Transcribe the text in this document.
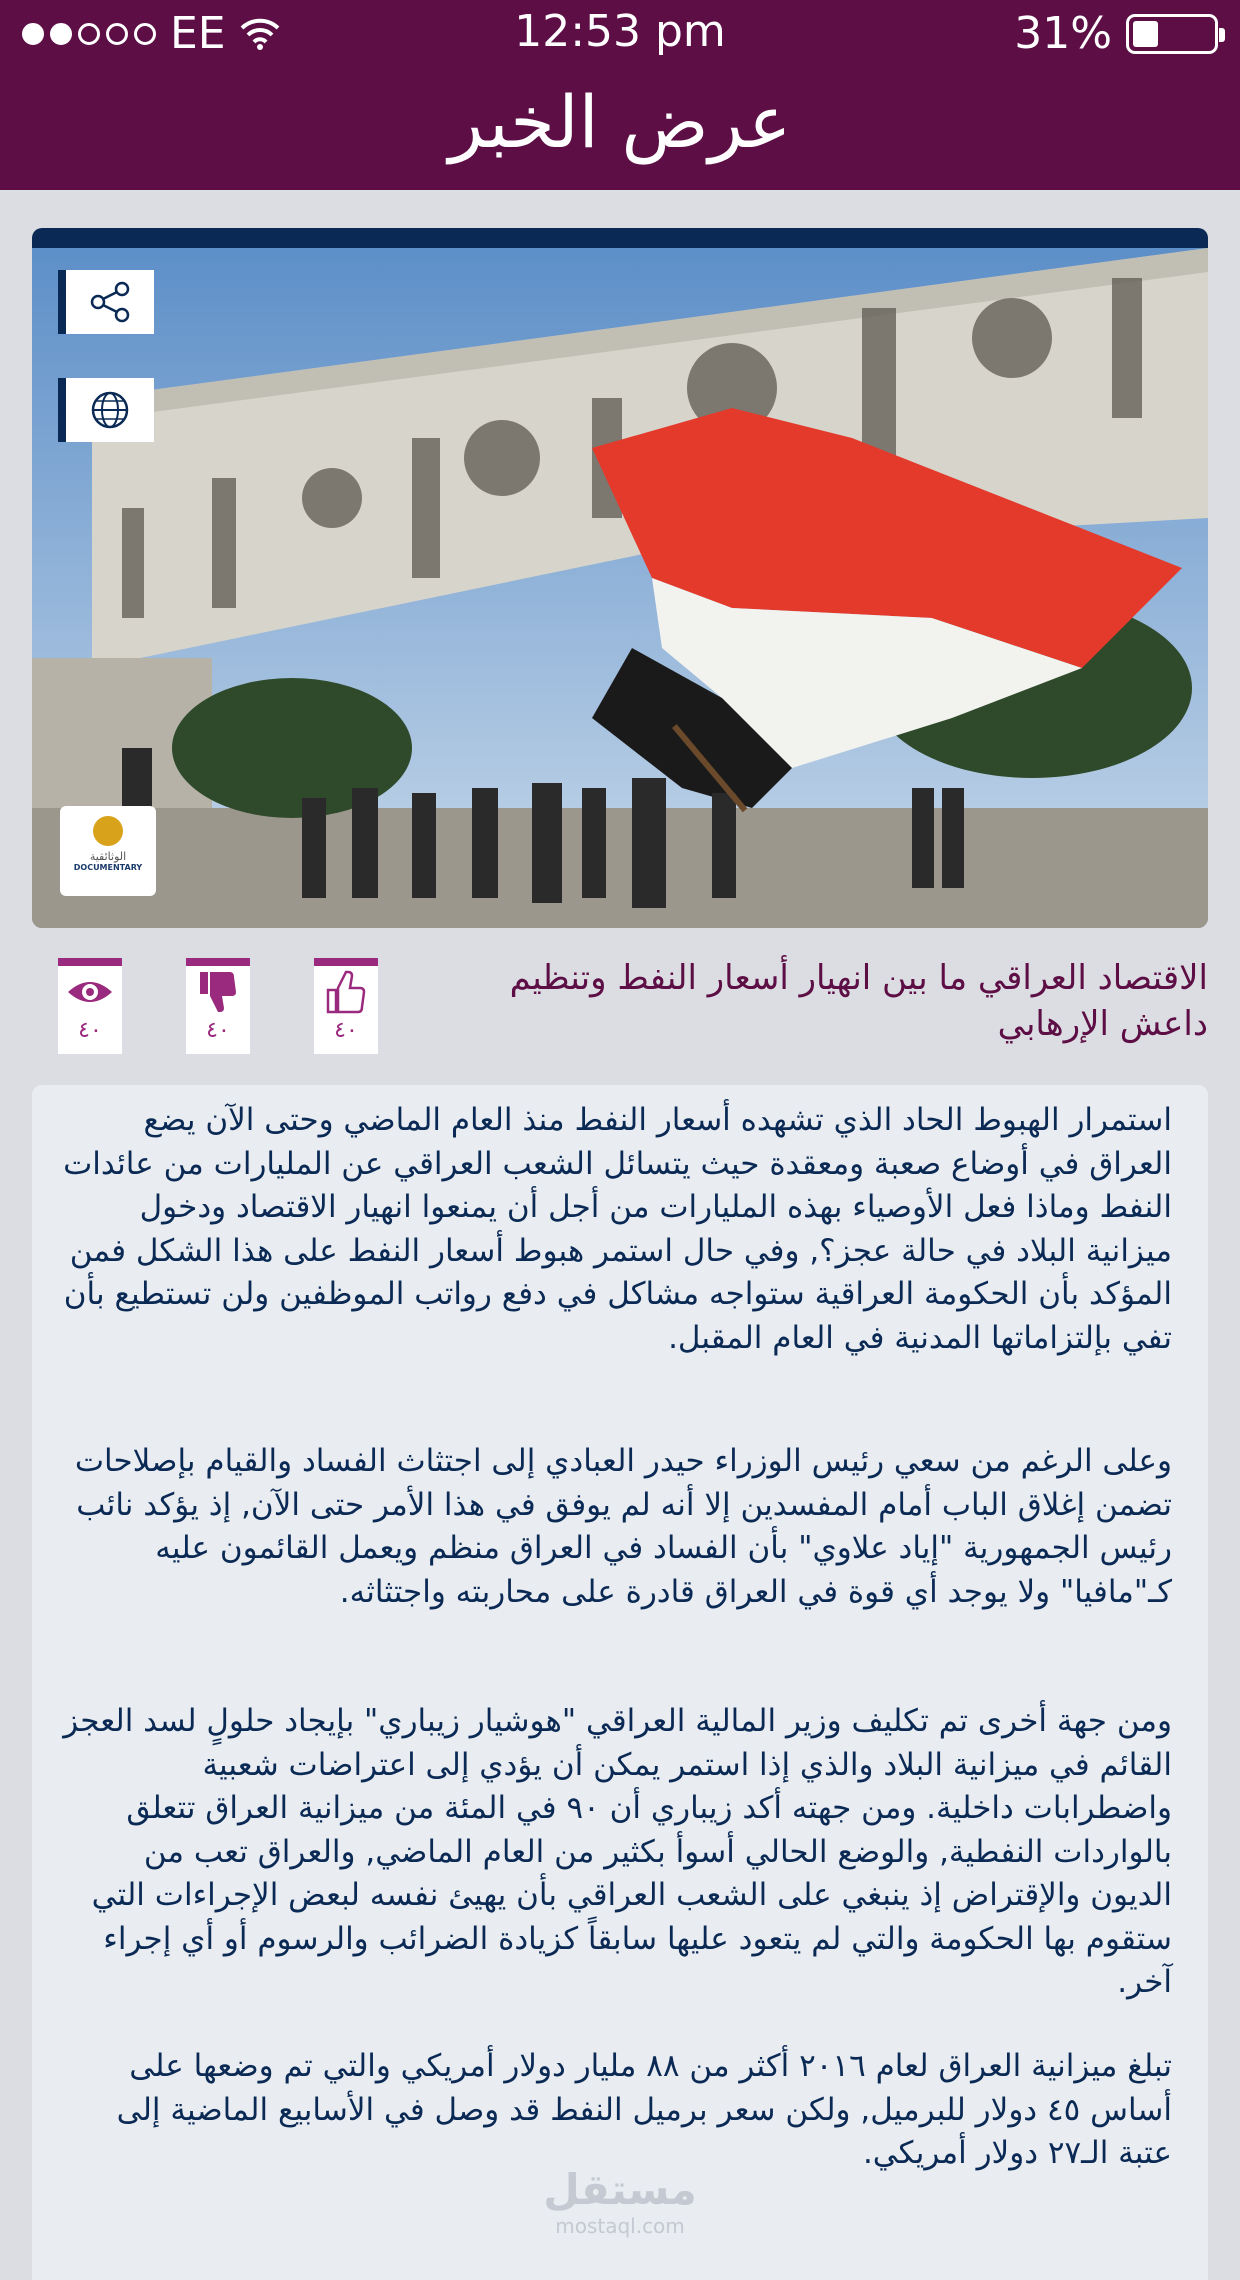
EE	12:53 pm	31%
عرض الخبر
الوثائقية
DOCUMENTARY
٤٠	٤٠	٤٠
الاقتصاد العراقي ما بين انهيار أسعار النفط وتنظيم داعش الإرهابي
استمرار الهبوط الحاد الذي تشهده أسعار النفط منذ العام الماضي وحتى الآن يضع العراق في أوضاع صعبة ومعقدة حيث يتسائل الشعب العراقي عن المليارات من عائدات النفط وماذا فعل الأوصياء بهذه المليارات من أجل أن يمنعوا انهيار الاقتصاد ودخول ميزانية البلاد في حالة عجز؟, وفي حال استمر هبوط أسعار النفط على هذا الشكل فمن المؤكد بأن الحكومة العراقية ستواجه مشاكل في دفع رواتب الموظفين ولن تستطيع بأن تفي بإلتزاماتها المدنية في العام المقبل.
وعلى الرغم من سعي رئيس الوزراء حيدر العبادي إلى اجتثاث الفساد والقيام بإصلاحات تضمن إغلاق الباب أمام المفسدين إلا أنه لم يوفق في هذا الأمر حتى الآن, إذ يؤكد نائب رئيس الجمهورية "إياد علاوي" بأن الفساد في العراق منظم ويعمل القائمون عليه كـ"مافيا" ولا يوجد أي قوة في العراق قادرة على محاربته واجتثاثه.
ومن جهة أخرى تم تكليف وزير المالية العراقي "هوشيار زيباري" بإيجاد حلولٍ لسد العجز القائم في ميزانية البلاد والذي إذا استمر يمكن أن يؤدي إلى اعتراضات شعبية واضطرابات داخلية. ومن جهته أكد زيباري أن ٩٠ في المئة من ميزانية العراق تتعلق بالواردات النفطية, والوضع الحالي أسوأ بكثير من العام الماضي, والعراق تعب من الديون والإقتراض إذ ينبغي على الشعب العراقي بأن يهيئ نفسه لبعض الإجراءات التي ستقوم بها الحكومة والتي لم يتعود عليها سابقاً كزيادة الضرائب والرسوم أو أي إجراء آخر.
تبلغ ميزانية العراق لعام ٢٠١٦ أكثر من ٨٨ مليار دولار أمريكي والتي تم وضعها على أساس ٤٥ دولار للبرميل, ولكن سعر برميل النفط قد وصل في الأسابيع الماضية إلى عتبة الـ٢٧ دولار أمريكي.
مستقل
mostaql.com
